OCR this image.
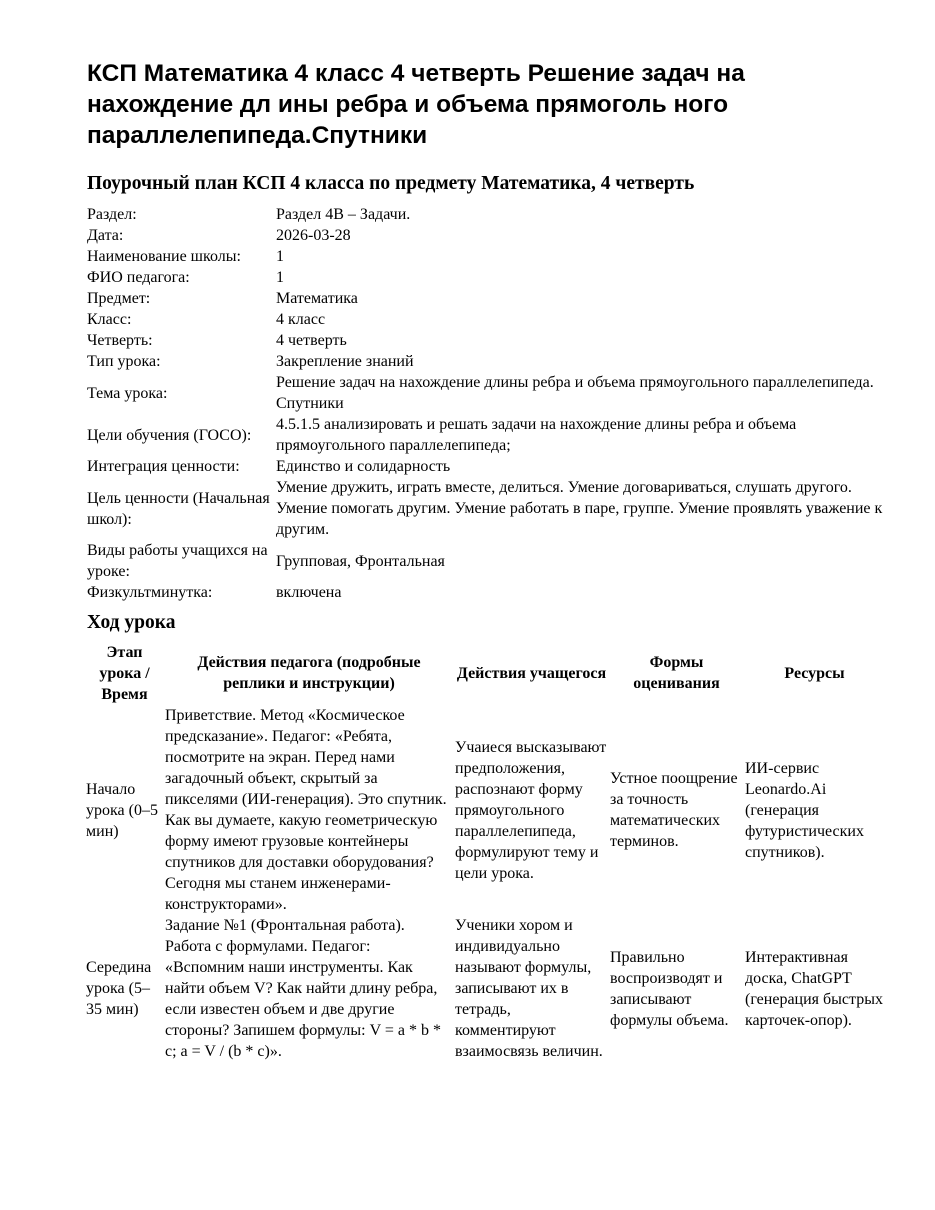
КСП Математика 4 класс 4 четверть Решение задач на нахождение дл ины ребра и объема прямоголь ного параллелепипеда.Спутники
Поурочный план КСП 4 класса по предмету Математика, 4 четверть
Раздел:	Раздел 4В – Задачи.
Дата:	2026-03-28
Наименование школы:	1
ФИО педагога:	1
Предмет:	Математика
Класс:	4 класс
Четверть:	4 четверть
Тип урока:	Закрепление знаний
Тема урока:	Решение задач на нахождение длины ребра и объема прямоугольного параллелепипеда. Спутники
Цели обучения (ГОСО):	4.5.1.5 анализировать и решать задачи на нахождение длины ребра и объема прямоугольного параллелепипеда;
Интеграция ценности:	Единство и солидарность
Цель ценности (Начальная школ):	Умение дружить, играть вместе, делиться. Умение договариваться, слушать другого. Умение помогать другим. Умение работать в паре, группе. Умение проявлять уважение к другим.
Виды работы учащихся на уроке:	Групповая, Фронтальная
Физкультминутка:	включена
Ход урока
Этап урока / Время	Действия педагога (подробные реплики и инструкции)	Действия учащегося	Формы оценивания	Ресурсы
Начало урока (0–5 мин)	Приветствие. Метод «Космическое предсказание». Педагог: «Ребята, посмотрите на экран. Перед нами загадочный объект, скрытый за пикселями (ИИ-генерация). Это спутник. Как вы думаете, какую геометрическую форму имеют грузовые контейнеры спутников для доставки оборудования? Сегодня мы станем инженерами-конструкторами».	Учаиеся высказывают предположения, распознают форму прямоугольного параллелепипеда, формулируют тему и цели урока.	Устное поощрение за точность математических терминов.	ИИ-сервис Leonardo.Ai (генерация футуристических спутников).
Середина урока (5–35 мин)	Задание №1 (Фронтальная работа). Работа с формулами. Педагог: «Вспомним наши инструменты. Как найти объем V? Как найти длину ребра, если известен объем и две другие стороны? Запишем формулы: V = a * b * c; a = V / (b * c)».	Ученики хором и индивидуально называют формулы, записывают их в тетрадь, комментируют взаимосвязь величин.	Правильно воспроизводят и записывают формулы объема.	Интерактивная доска, ChatGPT (генерация быстрых карточек-опор).
